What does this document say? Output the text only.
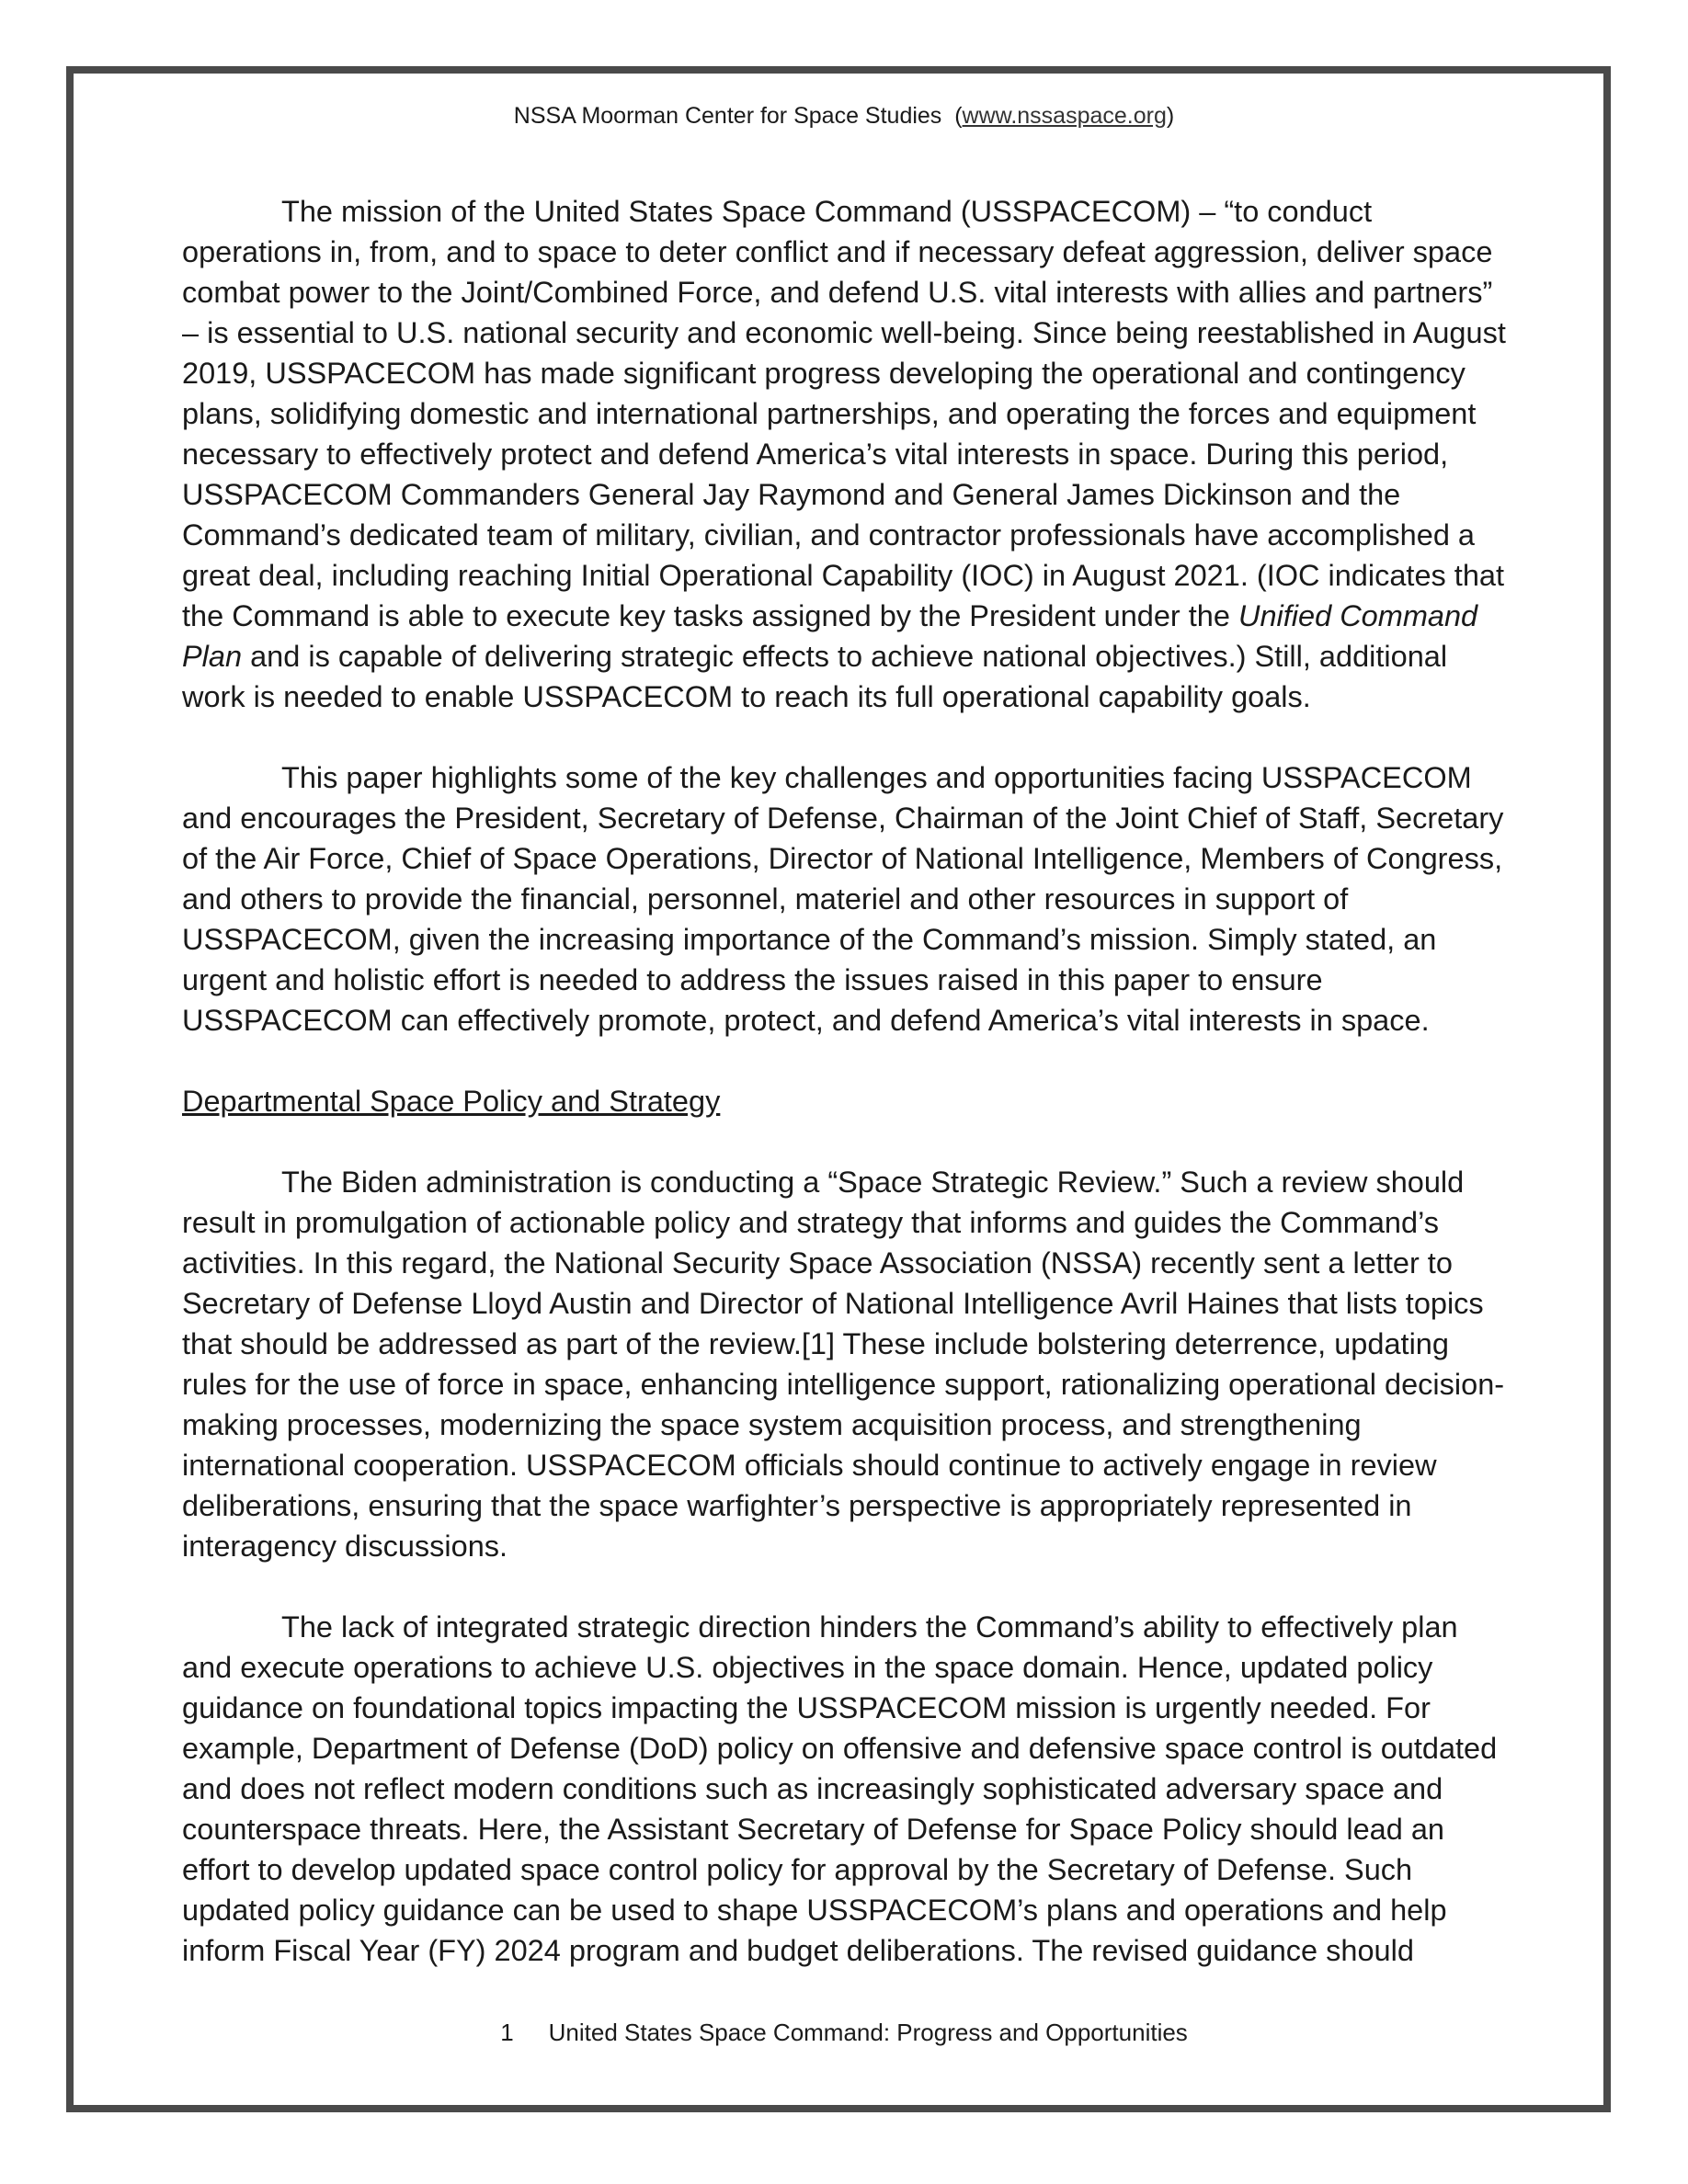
NSSA Moorman Center for Space Studies (www.nssaspace.org)

The mission of the United States Space Command (USSPACECOM) – “to conduct operations in, from, and to space to deter conflict and if necessary defeat aggression, deliver space combat power to the Joint/Combined Force, and defend U.S. vital interests with allies and partners” – is essential to U.S. national security and economic well-being. Since being reestablished in August 2019, USSPACECOM has made significant progress developing the operational and contingency plans, solidifying domestic and international partnerships, and operating the forces and equipment necessary to effectively protect and defend America’s vital interests in space. During this period, USSPACECOM Commanders General Jay Raymond and General James Dickinson and the Command’s dedicated team of military, civilian, and contractor professionals have accomplished a great deal, including reaching Initial Operational Capability (IOC) in August 2021. (IOC indicates that the Command is able to execute key tasks assigned by the President under the Unified Command Plan and is capable of delivering strategic effects to achieve national objectives.) Still, additional work is needed to enable USSPACECOM to reach its full operational capability goals.

This paper highlights some of the key challenges and opportunities facing USSPACECOM and encourages the President, Secretary of Defense, Chairman of the Joint Chief of Staff, Secretary of the Air Force, Chief of Space Operations, Director of National Intelligence, Members of Congress, and others to provide the financial, personnel, materiel and other resources in support of USSPACECOM, given the increasing importance of the Command’s mission. Simply stated, an urgent and holistic effort is needed to address the issues raised in this paper to ensure USSPACECOM can effectively promote, protect, and defend America’s vital interests in space.

Departmental Space Policy and Strategy

The Biden administration is conducting a “Space Strategic Review.” Such a review should result in promulgation of actionable policy and strategy that informs and guides the Command’s activities. In this regard, the National Security Space Association (NSSA) recently sent a letter to Secretary of Defense Lloyd Austin and Director of National Intelligence Avril Haines that lists topics that should be addressed as part of the review.[1] These include bolstering deterrence, updating rules for the use of force in space, enhancing intelligence support, rationalizing operational decision-making processes, modernizing the space system acquisition process, and strengthening international cooperation. USSPACECOM officials should continue to actively engage in review deliberations, ensuring that the space warfighter’s perspective is appropriately represented in interagency discussions.

The lack of integrated strategic direction hinders the Command’s ability to effectively plan and execute operations to achieve U.S. objectives in the space domain. Hence, updated policy guidance on foundational topics impacting the USSPACECOM mission is urgently needed. For example, Department of Defense (DoD) policy on offensive and defensive space control is outdated and does not reflect modern conditions such as increasingly sophisticated adversary space and counterspace threats. Here, the Assistant Secretary of Defense for Space Policy should lead an effort to develop updated space control policy for approval by the Secretary of Defense. Such updated policy guidance can be used to shape USSPACECOM’s plans and operations and help inform Fiscal Year (FY) 2024 program and budget deliberations. The revised guidance should

1 United States Space Command: Progress and Opportunities
